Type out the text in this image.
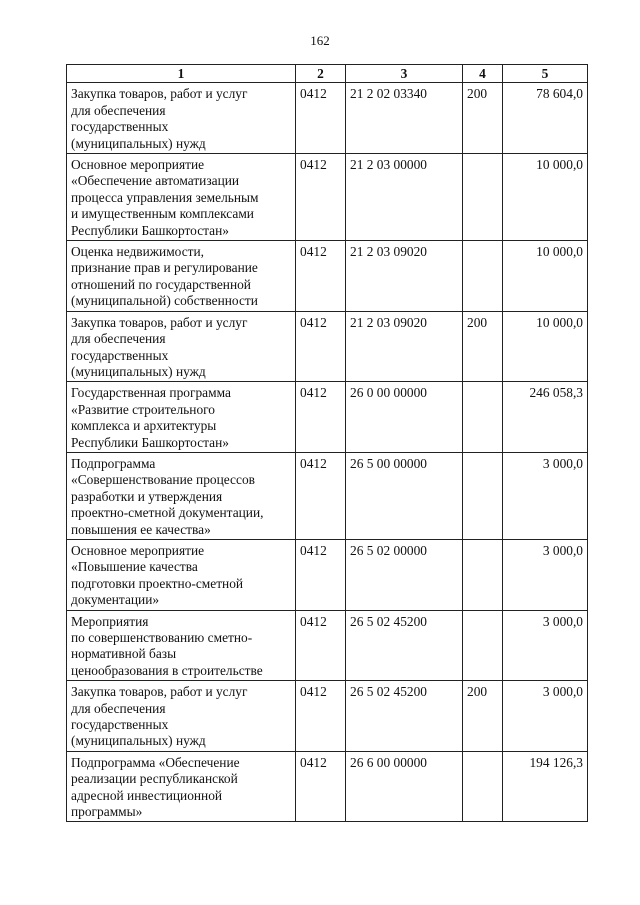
162
1	2	3	4	5
Закупка товаров, работ и услуг
для обеспечения
государственных
(муниципальных) нужд	0412	21 2 02 03340	200	78 604,0
Основное мероприятие
«Обеспечение автоматизации
процесса управления земельным
и имущественным комплексами
Республики Башкортостан»	0412	21 2 03 00000		10 000,0
Оценка недвижимости,
признание прав и регулирование
отношений по государственной
(муниципальной) собственности	0412	21 2 03 09020		10 000,0
Закупка товаров, работ и услуг
для обеспечения
государственных
(муниципальных) нужд	0412	21 2 03 09020	200	10 000,0
Государственная программа
«Развитие строительного
комплекса и архитектуры
Республики Башкортостан»	0412	26 0 00 00000		246 058,3
Подпрограмма
«Совершенствование процессов
разработки и утверждения
проектно-сметной документации,
повышения ее качества»	0412	26 5 00 00000		3 000,0
Основное мероприятие
«Повышение качества
подготовки проектно-сметной
документации»	0412	26 5 02 00000		3 000,0
Мероприятия
по совершенствованию сметно-
нормативной базы
ценообразования в строительстве	0412	26 5 02 45200		3 000,0
Закупка товаров, работ и услуг
для обеспечения
государственных
(муниципальных) нужд	0412	26 5 02 45200	200	3 000,0
Подпрограмма «Обеспечение
реализации республиканской
адресной инвестиционной
программы»	0412	26 6 00 00000		194 126,3
